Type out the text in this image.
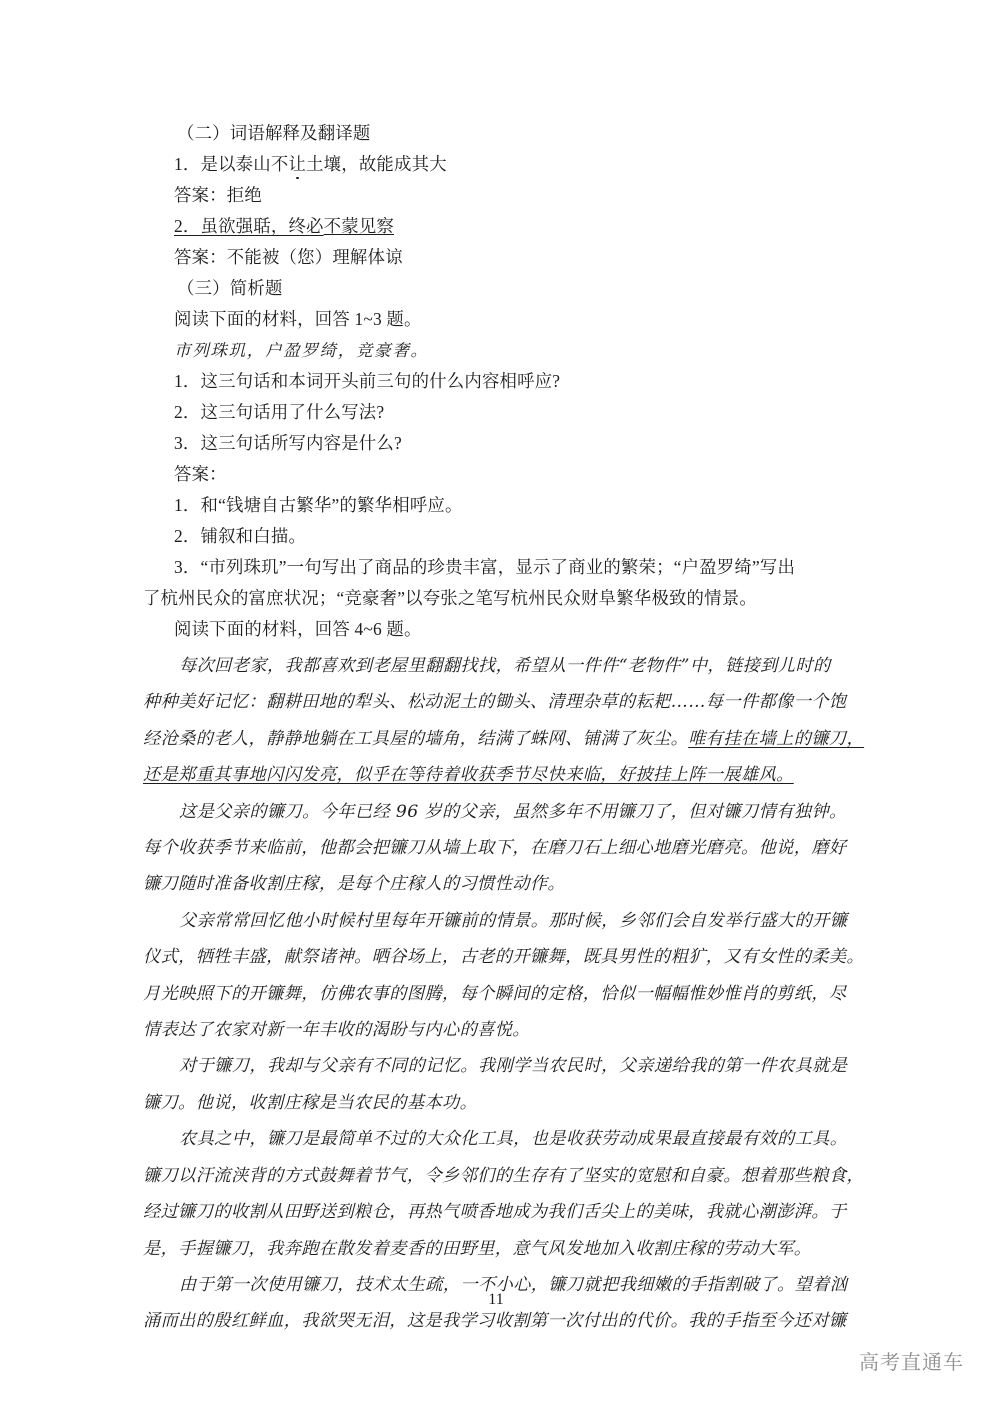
（二）词语解释及翻译题
1．是以泰山不让土壤，故能成其大
答案：拒绝
2．虽欲强聒，终必不蒙见察
答案：不能被（您）理解体谅
（三）简析题
阅读下面的材料，回答 1~3 题。
市列珠玑，户盈罗绮，竞豪奢。
1．这三句话和本词开头前三句的什么内容相呼应?
2．这三句话用了什么写法?
3．这三句话所写内容是什么?
答案：
1．和“钱塘自古繁华”的繁华相呼应。
2．铺叙和白描。
3．“市列珠玑”一句写出了商品的珍贵丰富，显示了商业的繁荣；“户盈罗绮”写出
了杭州民众的富庶状况；“竞豪奢”以夸张之笔写杭州民众财阜繁华极致的情景。
阅读下面的材料，回答 4~6 题。
每次回老家，我都喜欢到老屋里翻翻找找，希望从一件件“老物件”中，链接到儿时的
种种美好记忆：翻耕田地的犁头、松动泥土的锄头、清理杂草的耘耙……每一件都像一个饱
经沧桑的老人，静静地躺在工具屋的墙角，结满了蛛网、铺满了灰尘。唯有挂在墙上的镰刀，
还是郑重其事地闪闪发亮，似乎在等待着收获季节尽快来临，好披挂上阵一展雄风。
这是父亲的镰刀。今年已经 96 岁的父亲，虽然多年不用镰刀了，但对镰刀情有独钟。
每个收获季节来临前，他都会把镰刀从墙上取下，在磨刀石上细心地磨光磨亮。他说，磨好
镰刀随时准备收割庄稼，是每个庄稼人的习惯性动作。
父亲常常回忆他小时候村里每年开镰前的情景。那时候，乡邻们会自发举行盛大的开镰
仪式，牺牲丰盛，献祭诸神。晒谷场上，古老的开镰舞，既具男性的粗犷，又有女性的柔美。
月光映照下的开镰舞，仿佛农事的图腾，每个瞬间的定格，恰似一幅幅惟妙惟肖的剪纸，尽
情表达了农家对新一年丰收的渴盼与内心的喜悦。
对于镰刀，我却与父亲有不同的记忆。我刚学当农民时，父亲递给我的第一件农具就是
镰刀。他说，收割庄稼是当农民的基本功。
农具之中，镰刀是最简单不过的大众化工具，也是收获劳动成果最直接最有效的工具。
镰刀以汗流浃背的方式鼓舞着节气，令乡邻们的生存有了坚实的宽慰和自豪。想着那些粮食，
经过镰刀的收割从田野送到粮仓，再热气喷香地成为我们舌尖上的美味，我就心潮澎湃。于
是，手握镰刀，我奔跑在散发着麦香的田野里，意气风发地加入收割庄稼的劳动大军。
由于第一次使用镰刀，技术太生疏，一不小心，镰刀就把我细嫩的手指割破了。望着汹
涌而出的殷红鲜血，我欲哭无泪，这是我学习收割第一次付出的代价。我的手指至今还对镰
11
高考直通车
